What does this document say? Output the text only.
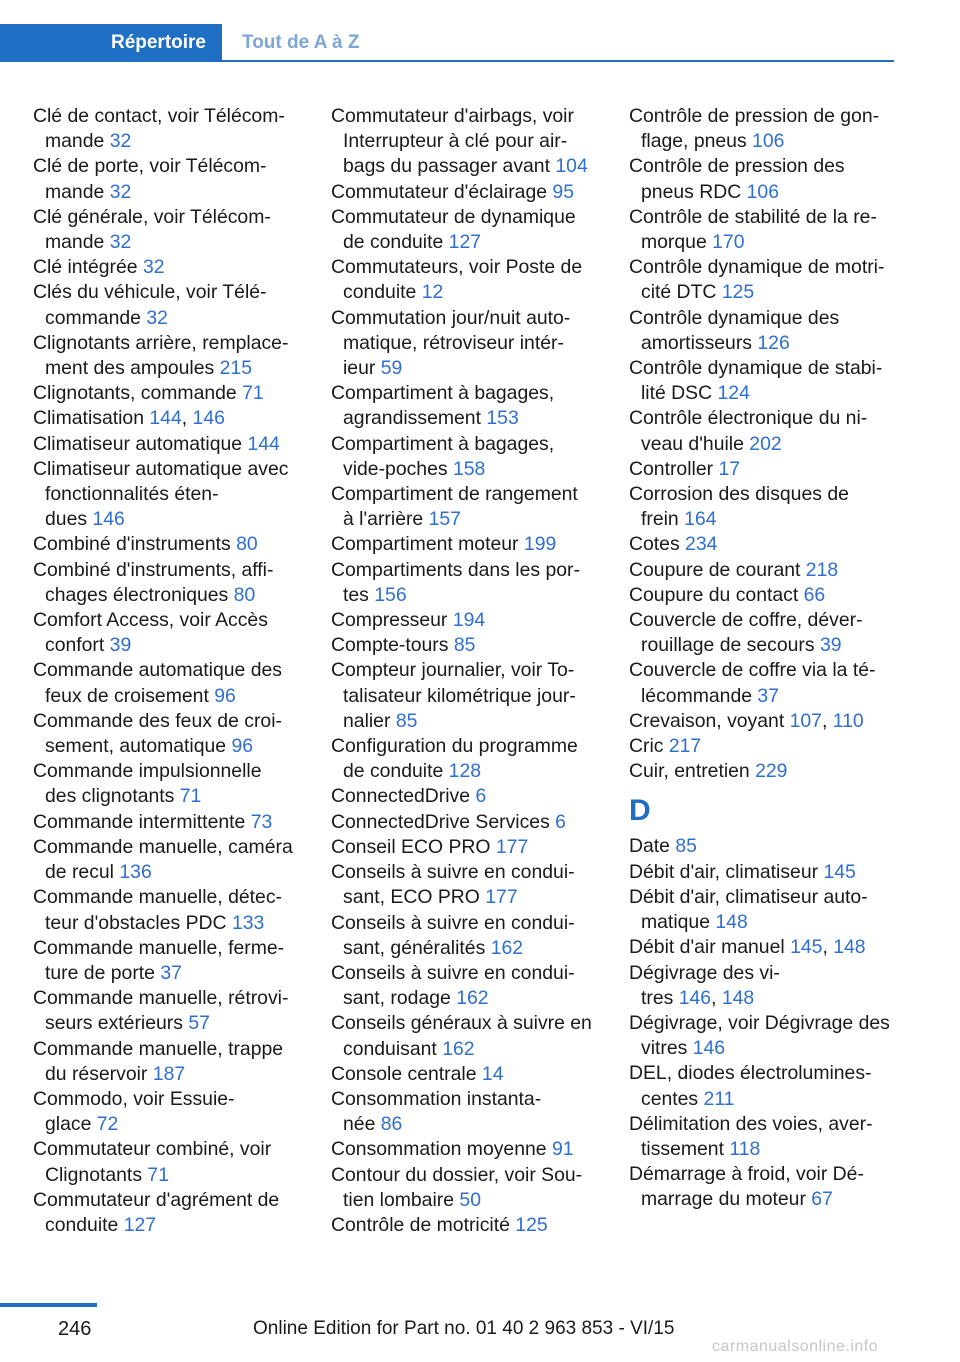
Répertoire	Tout de A à Z
Clé de contact, voir Télécom-
mande 32
Clé de porte, voir Télécom-
mande 32
Clé générale, voir Télécom-
mande 32
Clé intégrée 32
Clés du véhicule, voir Télé-
commande 32
Clignotants arrière, remplace-
ment des ampoules 215
Clignotants, commande 71
Climatisation 144, 146
Climatiseur automatique 144
Climatiseur automatique avec
fonctionnalités éten-
dues 146
Combiné d'instruments 80
Combiné d'instruments, affi-
chages électroniques 80
Comfort Access, voir Accès
confort 39
Commande automatique des
feux de croisement 96
Commande des feux de croi-
sement, automatique 96
Commande impulsionnelle
des clignotants 71
Commande intermittente 73
Commande manuelle, caméra
de recul 136
Commande manuelle, détec-
teur d'obstacles PDC 133
Commande manuelle, ferme-
ture de porte 37
Commande manuelle, rétrovi-
seurs extérieurs 57
Commande manuelle, trappe
du réservoir 187
Commodo, voir Essuie-
glace 72
Commutateur combiné, voir
Clignotants 71
Commutateur d'agrément de
conduite 127
Commutateur d'airbags, voir
Interrupteur à clé pour air-
bags du passager avant 104
Commutateur d'éclairage 95
Commutateur de dynamique
de conduite 127
Commutateurs, voir Poste de
conduite 12
Commutation jour/nuit auto-
matique, rétroviseur intér-
ieur 59
Compartiment à bagages,
agrandissement 153
Compartiment à bagages,
vide-poches 158
Compartiment de rangement
à l'arrière 157
Compartiment moteur 199
Compartiments dans les por-
tes 156
Compresseur 194
Compte-tours 85
Compteur journalier, voir To-
talisateur kilométrique jour-
nalier 85
Configuration du programme
de conduite 128
ConnectedDrive 6
ConnectedDrive Services 6
Conseil ECO PRO 177
Conseils à suivre en condui-
sant, ECO PRO 177
Conseils à suivre en condui-
sant, généralités 162
Conseils à suivre en condui-
sant, rodage 162
Conseils généraux à suivre en
conduisant 162
Console centrale 14
Consommation instanta-
née 86
Consommation moyenne 91
Contour du dossier, voir Sou-
tien lombaire 50
Contrôle de motricité 125
Contrôle de pression de gon-
flage, pneus 106
Contrôle de pression des
pneus RDC 106
Contrôle de stabilité de la re-
morque 170
Contrôle dynamique de motri-
cité DTC 125
Contrôle dynamique des
amortisseurs 126
Contrôle dynamique de stabi-
lité DSC 124
Contrôle électronique du ni-
veau d'huile 202
Controller 17
Corrosion des disques de
frein 164
Cotes 234
Coupure de courant 218
Coupure du contact 66
Couvercle de coffre, déver-
rouillage de secours 39
Couvercle de coffre via la té-
lécommande 37
Crevaison, voyant 107, 110
Cric 217
Cuir, entretien 229
D
Date 85
Débit d'air, climatiseur 145
Débit d'air, climatiseur auto-
matique 148
Débit d'air manuel 145, 148
Dégivrage des vi-
tres 146, 148
Dégivrage, voir Dégivrage des
vitres 146
DEL, diodes électrolumines-
centes 211
Délimitation des voies, aver-
tissement 118
Démarrage à froid, voir Dé-
marrage du moteur 67
246	Online Edition for Part no. 01 40 2 963 853 - VI/15
carmanualsonline.info
